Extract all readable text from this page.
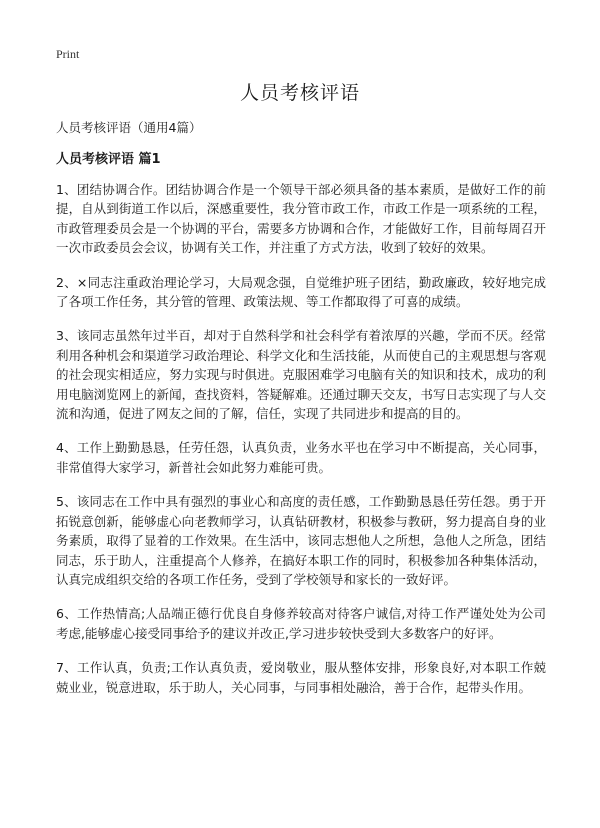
Print
人员考核评语

人员考核评语（通用4篇）

人员考核评语 篇1

1、团结协调合作。团结协调合作是一个领导干部必须具备的基本素质，是做好工作的前提，自从到街道工作以后，深感重要性，我分管市政工作，市政工作是一项系统的工程，市政管理委员会是一个协调的平台，需要多方协调和合作，才能做好工作，目前每周召开一次市政委员会会议，协调有关工作，并注重了方式方法，收到了较好的效果。

2、×同志注重政治理论学习，大局观念强，自觉维护班子团结，勤政廉政，较好地完成了各项工作任务，其分管的管理、政策法规、等工作都取得了可喜的成绩。

3、该同志虽然年过半百，却对于自然科学和社会科学有着浓厚的兴趣，学而不厌。经常利用各种机会和渠道学习政治理论、科学文化和生活技能，从而使自己的主观思想与客观的社会现实相适应，努力实现与时俱进。克服困难学习电脑有关的知识和技术，成功的利用电脑浏览网上的新闻，查找资料，答疑解难。还通过聊天交友，书写日志实现了与人交流和沟通，促进了网友之间的了解，信任，实现了共同进步和提高的目的。

4、工作上勤勤恳恳，任劳任怨，认真负责，业务水平也在学习中不断提高，关心同事，非常值得大家学习，新普社会如此努力难能可贵。

5、该同志在工作中具有强烈的事业心和高度的责任感，工作勤勤恳恳任劳任怨。勇于开拓锐意创新，能够虚心向老教师学习，认真钻研教材，积极参与教研，努力提高自身的业务素质，取得了显着的工作效果。在生活中，该同志想他人之所想，急他人之所急，团结同志，乐于助人，注重提高个人修养，在搞好本职工作的同时，积极参加各种集体活动，认真完成组织交给的各项工作任务，受到了学校领导和家长的一致好评。

6、工作热情高;人品端正德行优良自身修养较高对待客户诚信,对待工作严谨处处为公司考虑,能够虚心接受同事给予的建议并改正,学习进步较快受到大多数客户的好评。

7、工作认真，负责;工作认真负责，爱岗敬业，服从整体安排，形象良好,对本职工作兢兢业业，锐意进取，乐于助人，关心同事，与同事相处融洽，善于合作，起带头作用。
